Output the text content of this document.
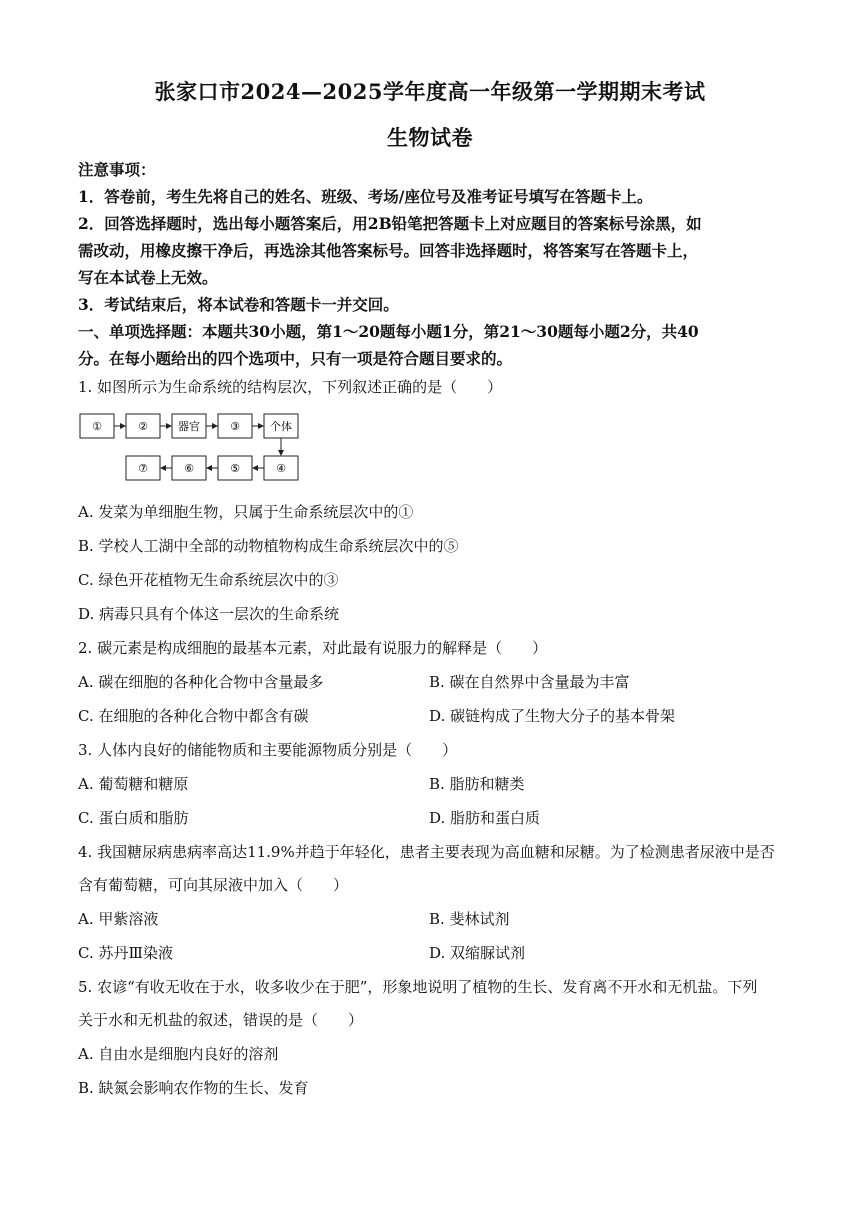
张家口市2024—2025学年度高一年级第一学期期末考试
生物试卷
注意事项：
1．答卷前，考生先将自己的姓名、班级、考场/座位号及准考证号填写在答题卡上。
2．回答选择题时，选出每小题答案后，用2B铅笔把答题卡上对应题目的答案标号涂黑，如
需改动，用橡皮擦干净后，再选涂其他答案标号。回答非选择题时，将答案写在答题卡上，
写在本试卷上无效。
3．考试结束后，将本试卷和答题卡一并交回。
一、单项选择题：本题共30小题，第1～20题每小题1分，第21～30题每小题2分，共40
分。在每小题给出的四个选项中，只有一项是符合题目要求的。
1. 如图所示为生命系统的结构层次，下列叙述正确的是（　　）
①	②	器官	③	个体
⑦	⑥	⑤	④
A. 发菜为单细胞生物，只属于生命系统层次中的①
B. 学校人工湖中全部的动物植物构成生命系统层次中的⑤
C. 绿色开花植物无生命系统层次中的③
D. 病毒只具有个体这一层次的生命系统
2. 碳元素是构成细胞的最基本元素，对此最有说服力的解释是（　　）
A. 碳在细胞的各种化合物中含量最多	B. 碳在自然界中含量最为丰富
C. 在细胞的各种化合物中都含有碳	D. 碳链构成了生物大分子的基本骨架
3. 人体内良好的储能物质和主要能源物质分别是（　　）
A. 葡萄糖和糖原	B. 脂肪和糖类
C. 蛋白质和脂肪	D. 脂肪和蛋白质
4. 我国糖尿病患病率高达11.9%并趋于年轻化，患者主要表现为高血糖和尿糖。为了检测患者尿液中是否
含有葡萄糖，可向其尿液中加入（　　）
A. 甲紫溶液	B. 斐林试剂
C. 苏丹Ⅲ染液	D. 双缩脲试剂
5. 农谚“有收无收在于水，收多收少在于肥”，形象地说明了植物的生长、发育离不开水和无机盐。下列
关于水和无机盐的叙述，错误的是（　　）
A. 自由水是细胞内良好的溶剂
B. 缺氮会影响农作物的生长、发育
